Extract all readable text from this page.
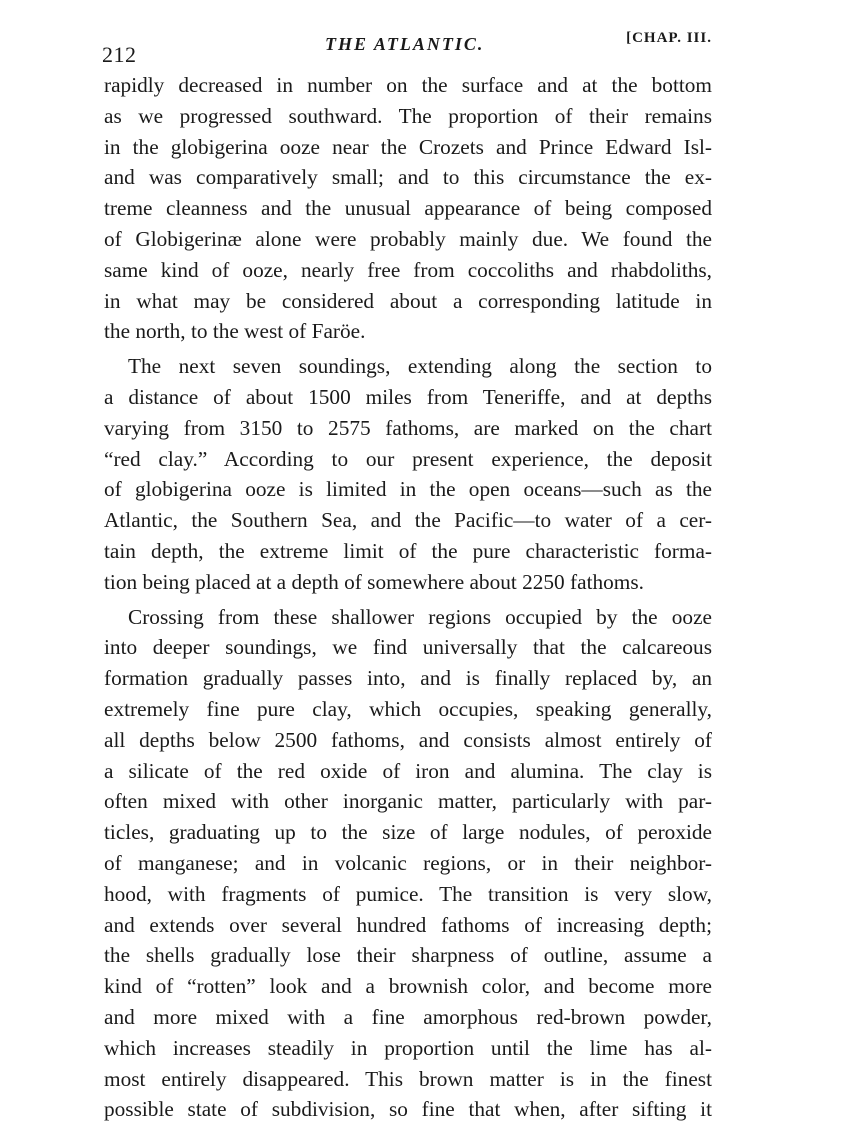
212	THE ATLANTIC.	[CHAP. III.
rapidly decreased in number on the surface and at the bottom
as we progressed southward. The proportion of their remains
in the globigerina ooze near the Crozets and Prince Edward Isl-
and was comparatively small; and to this circumstance the ex-
treme cleanness and the unusual appearance of being composed
of Globigerinæ alone were probably mainly due. We found the
same kind of ooze, nearly free from coccoliths and rhabdoliths,
in what may be considered about a corresponding latitude in
the north, to the west of Faröe.
The next seven soundings, extending along the section to
a distance of about 1500 miles from Teneriffe, and at depths
varying from 3150 to 2575 fathoms, are marked on the chart
“red clay.” According to our present experience, the deposit
of globigerina ooze is limited in the open oceans—such as the
Atlantic, the Southern Sea, and the Pacific—to water of a cer-
tain depth, the extreme limit of the pure characteristic forma-
tion being placed at a depth of somewhere about 2250 fathoms.
Crossing from these shallower regions occupied by the ooze
into deeper soundings, we find universally that the calcareous
formation gradually passes into, and is finally replaced by, an
extremely fine pure clay, which occupies, speaking generally,
all depths below 2500 fathoms, and consists almost entirely of
a silicate of the red oxide of iron and alumina. The clay is
often mixed with other inorganic matter, particularly with par-
ticles, graduating up to the size of large nodules, of peroxide
of manganese; and in volcanic regions, or in their neighbor-
hood, with fragments of pumice. The transition is very slow,
and extends over several hundred fathoms of increasing depth;
the shells gradually lose their sharpness of outline, assume a
kind of “rotten” look and a brownish color, and become more
and more mixed with a fine amorphous red-brown powder,
which increases steadily in proportion until the lime has al-
most entirely disappeared. This brown matter is in the finest
possible state of subdivision, so fine that when, after sifting it
